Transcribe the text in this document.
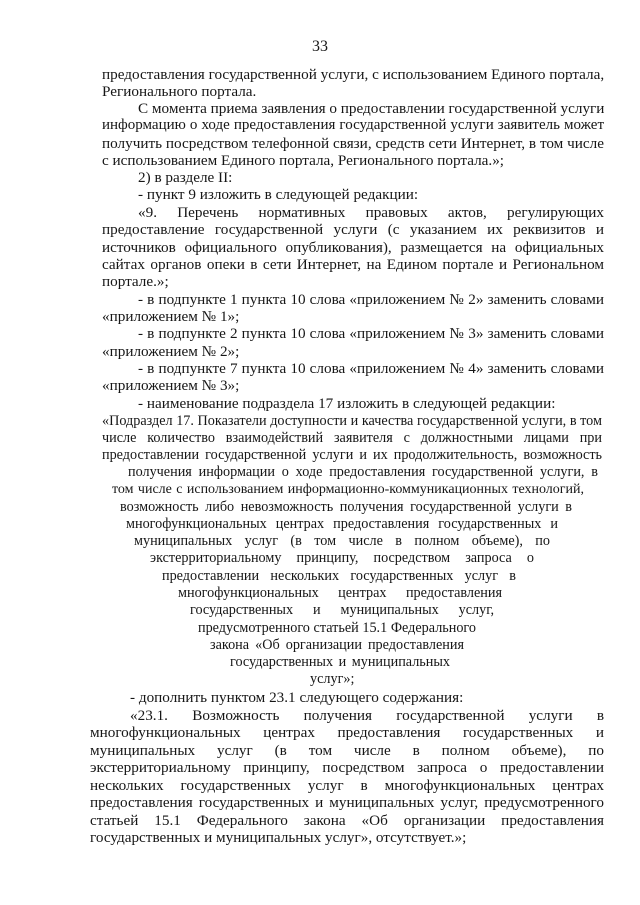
33

предоставления государственной услуги, с использованием Единого портала,

Регионального портала.

С момента приема заявления о предоставлении государственной услуги

информацию о ходе предоставления государственной услуги заявитель может

получить посредством телефонной связи, средств сети Интернет, в том числе

с использованием Единого портала, Регионального портала.»;

2) в разделе II:

- пункт 9 изложить в следующей редакции:

«9. Перечень нормативных правовых актов, регулирующих

предоставление государственной услуги (с указанием их реквизитов и

источников официального опубликования), размещается на официальных

сайтах органов опеки в сети Интернет, на Едином портале и Региональном

портале.»;

- в подпункте 1 пункта 10 слова «приложением № 2» заменить словами

«приложением № 1»;

- в подпункте 2 пункта 10 слова «приложением № 3» заменить словами

«приложением № 2»;

- в подпункте 7 пункта 10 слова «приложением № 4» заменить словами

«приложением № 3»;

- наименование подраздела 17 изложить в следующей редакции:

«Подраздел 17. Показатели доступности и качества государственной услуги, в том

числе количество взаимодействий заявителя с должностными лицами при

предоставлении государственной услуги и их продолжительность, возможность

получения информации о ходе предоставления государственной услуги, в

том числе с использованием информационно-коммуникационных технологий,

возможность либо невозможность получения государственной услуги в

многофункциональных центрах предоставления государственных и

муниципальных услуг (в том числе в полном объеме), по

экстерриториальному принципу, посредством запроса о

предоставлении нескольких государственных услуг в

многофункциональных центрах предоставления

государственных и муниципальных услуг,

предусмотренного статьей 15.1 Федерального

закона «Об организации предоставления

государственных и муниципальных

услуг»;

- дополнить пунктом 23.1 следующего содержания:

«23.1. Возможность получения государственной услуги в

многофункциональных центрах предоставления государственных и

муниципальных услуг (в том числе в полном объеме), по

экстерриториальному принципу, посредством запроса о предоставлении

нескольких государственных услуг в многофункциональных центрах

предоставления государственных и муниципальных услуг, предусмотренного

статьей 15.1 Федерального закона «Об организации предоставления

государственных и муниципальных услуг», отсутствует.»;
